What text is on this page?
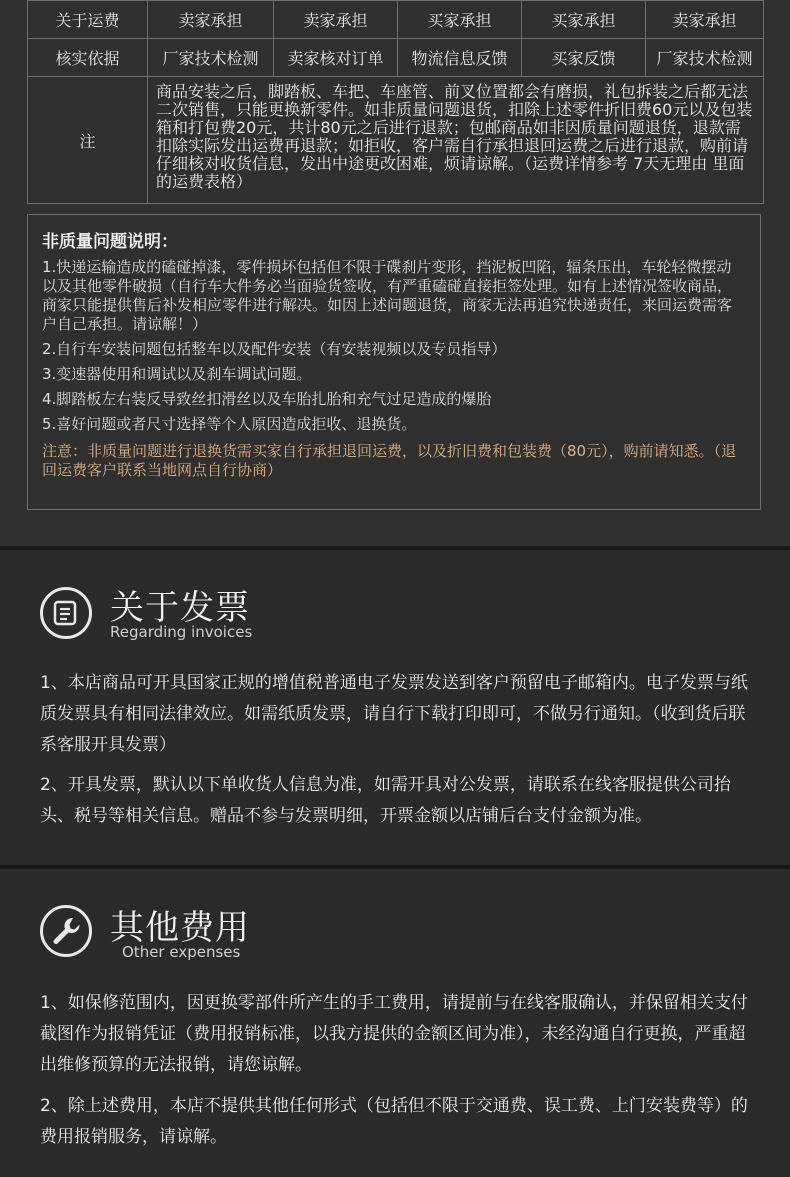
关于运费	卖家承担	卖家承担	买家承担	买家承担	卖家承担
核实依据	厂家技术检测	卖家核对订单	物流信息反馈	买家反馈	厂家技术检测
注	商品安装之后，脚踏板、车把、车座管、前叉位置都会有磨损，礼包拆装之后都无法二次销售，只能更换新零件。如非质量问题退货，扣除上述零件折旧费60元以及包装箱和打包费20元，共计80元之后进行退款；包邮商品如非因质量问题退货，退款需扣除实际发出运费再退款；如拒收，客户需自行承担退回运费之后进行退款，购前请仔细核对收货信息，发出中途更改困难，烦请谅解。（运费详情参考 7天无理由 里面的运费表格）				
非质量问题说明：

1.快递运输造成的磕碰掉漆，零件损坏包括但不限于碟刹片变形，挡泥板凹陷，辐条压出，车轮轻微摆动以及其他零件破损（自行车大件务必当面验货签收，有严重磕碰直接拒签处理。如有上述情况签收商品，商家只能提供售后补发相应零件进行解决。如因上述问题退货，商家无法再追究快递责任，来回运费需客户自己承担。请谅解！）

2.自行车安装问题包括整车以及配件安装（有安装视频以及专员指导）

3.变速器使用和调试以及刹车调试问题。

4.脚踏板左右装反导致丝扣滑丝以及车胎扎胎和充气过足造成的爆胎

5.喜好问题或者尺寸选择等个人原因造成拒收、退换货。

注意：非质量问题进行退换货需买家自行承担退回运费，以及折旧费和包装费（80元），购前请知悉。（退回运费客户联系当地网点自行协商）

关于发票
Regarding invoices

1、本店商品可开具国家正规的增值税普通电子发票发送到客户预留电子邮箱内。电子发票与纸质发票具有相同法律效应。如需纸质发票，请自行下载打印即可，不做另行通知。（收到货后联系客服开具发票）

2、开具发票，默认以下单收货人信息为准，如需开具对公发票，请联系在线客服提供公司抬头、税号等相关信息。赠品不参与发票明细，开票金额以店铺后台支付金额为准。

其他费用
Other expenses

1、如保修范围内，因更换零部件所产生的手工费用，请提前与在线客服确认，并保留相关支付截图作为报销凭证（费用报销标准，以我方提供的金额区间为准），未经沟通自行更换，严重超出维修预算的无法报销，请您谅解。

2、除上述费用，本店不提供其他任何形式（包括但不限于交通费、误工费、上门安装费等）的费用报销服务，请谅解。
